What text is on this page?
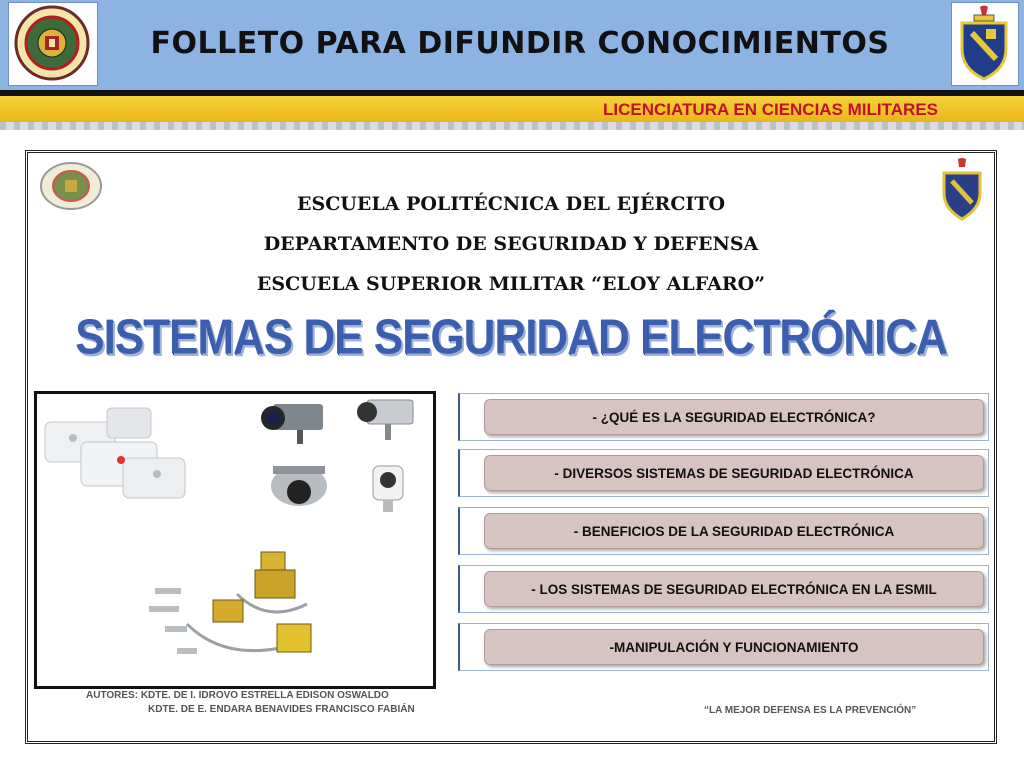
FOLLETO PARA DIFUNDIR CONOCIMIENTOS
LICENCIATURA EN CIENCIAS MILITARES
ESCUELA POLITÉCNICA DEL EJÉRCITO
DEPARTAMENTO DE SEGURIDAD Y DEFENSA
ESCUELA SUPERIOR MILITAR “ELOY ALFARO”
SISTEMAS DE SEGURIDAD ELECTRÓNICA
- ¿QUÉ ES LA SEGURIDAD ELECTRÓNICA?
- DIVERSOS SISTEMAS DE SEGURIDAD ELECTRÓNICA
- BENEFICIOS DE LA SEGURIDAD ELECTRÓNICA
- LOS SISTEMAS DE SEGURIDAD ELECTRÓNICA EN LA ESMIL
-MANIPULACIÓN Y FUNCIONAMIENTO
AUTORES: KDTE. DE I. IDROVO ESTRELLA EDISON OSWALDO
KDTE. DE E. ENDARA BENAVIDES FRANCISCO FABIÁN	“LA MEJOR DEFENSA ES LA PREVENCIÓN”
